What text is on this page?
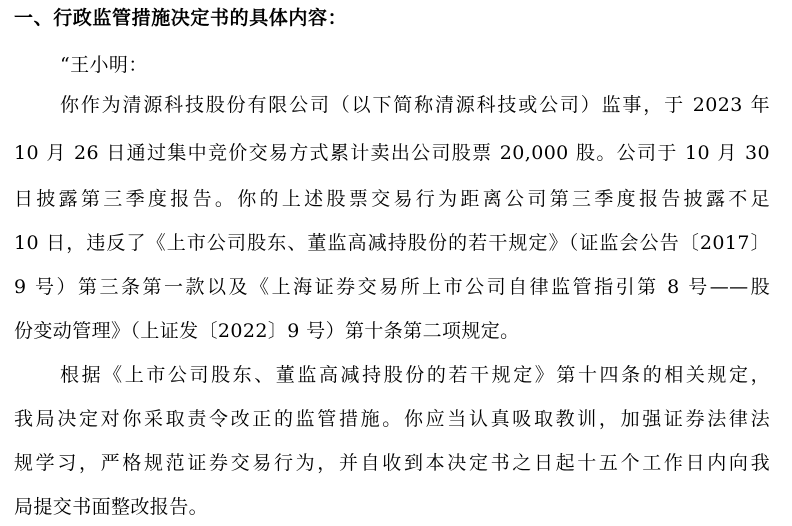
一、行政监管措施决定书的具体内容：
“王小明：
你作为清源科技股份有限公司（以下简称清源科技或公司）监事，于 2023 年
10 月 26 日通过集中竞价交易方式累计卖出公司股票 20,000 股。公司于 10 月 30
日披露第三季度报告。你的上述股票交易行为距离公司第三季度报告披露不足
10 日，违反了《上市公司股东、董监高减持股份的若干规定》（证监会公告〔2017〕
9 号）第三条第一款以及《上海证券交易所上市公司自律监管指引第 8 号——股
份变动管理》（上证发〔2022〕9 号）第十条第二项规定。
根据《上市公司股东、董监高减持股份的若干规定》第十四条的相关规定，
我局决定对你采取责令改正的监管措施。你应当认真吸取教训，加强证券法律法
规学习，严格规范证券交易行为，并自收到本决定书之日起十五个工作日内向我
局提交书面整改报告。
